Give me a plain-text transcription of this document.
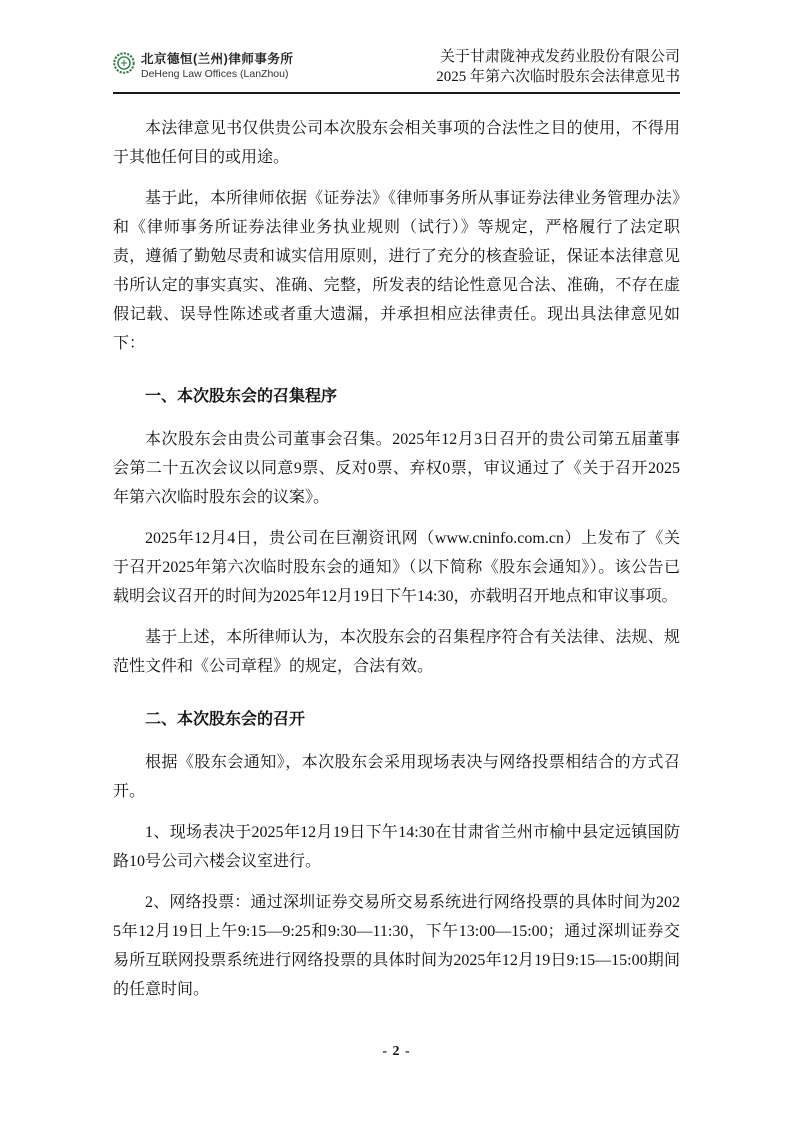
北京德恒(兰州)律师事务所
DeHeng Law Offices (LanZhou)
关于甘肃陇神戎发药业股份有限公司
2025 年第六次临时股东会法律意见书

本法律意见书仅供贵公司本次股东会相关事项的合法性之目的使用，不得用于其他任何目的或用途。

基于此，本所律师依据《证券法》《律师事务所从事证券法律业务管理办法》和《律师事务所证券法律业务执业规则（试行）》等规定，严格履行了法定职责，遵循了勤勉尽责和诚实信用原则，进行了充分的核查验证，保证本法律意见书所认定的事实真实、准确、完整，所发表的结论性意见合法、准确，不存在虚假记载、误导性陈述或者重大遗漏，并承担相应法律责任。现出具法律意见如下：

一、本次股东会的召集程序

本次股东会由贵公司董事会召集。2025年12月3日召开的贵公司第五届董事会第二十五次会议以同意9票、反对0票、弃权0票，审议通过了《关于召开2025年第六次临时股东会的议案》。

2025年12月4日，贵公司在巨潮资讯网（www.cninfo.com.cn）上发布了《关于召开2025年第六次临时股东会的通知》（以下简称《股东会通知》）。该公告已载明会议召开的时间为2025年12月19日下午14:30，亦载明召开地点和审议事项。

基于上述，本所律师认为，本次股东会的召集程序符合有关法律、法规、规范性文件和《公司章程》的规定，合法有效。

二、本次股东会的召开

根据《股东会通知》，本次股东会采用现场表决与网络投票相结合的方式召开。

1、现场表决于2025年12月19日下午14:30在甘肃省兰州市榆中县定远镇国防路10号公司六楼会议室进行。

2、网络投票：通过深圳证券交易所交易系统进行网络投票的具体时间为2025年12月19日上午9:15—9:25和9:30—11:30，下午13:00—15:00；通过深圳证券交易所互联网投票系统进行网络投票的具体时间为2025年12月19日9:15—15:00期间的任意时间。

- 2 -
